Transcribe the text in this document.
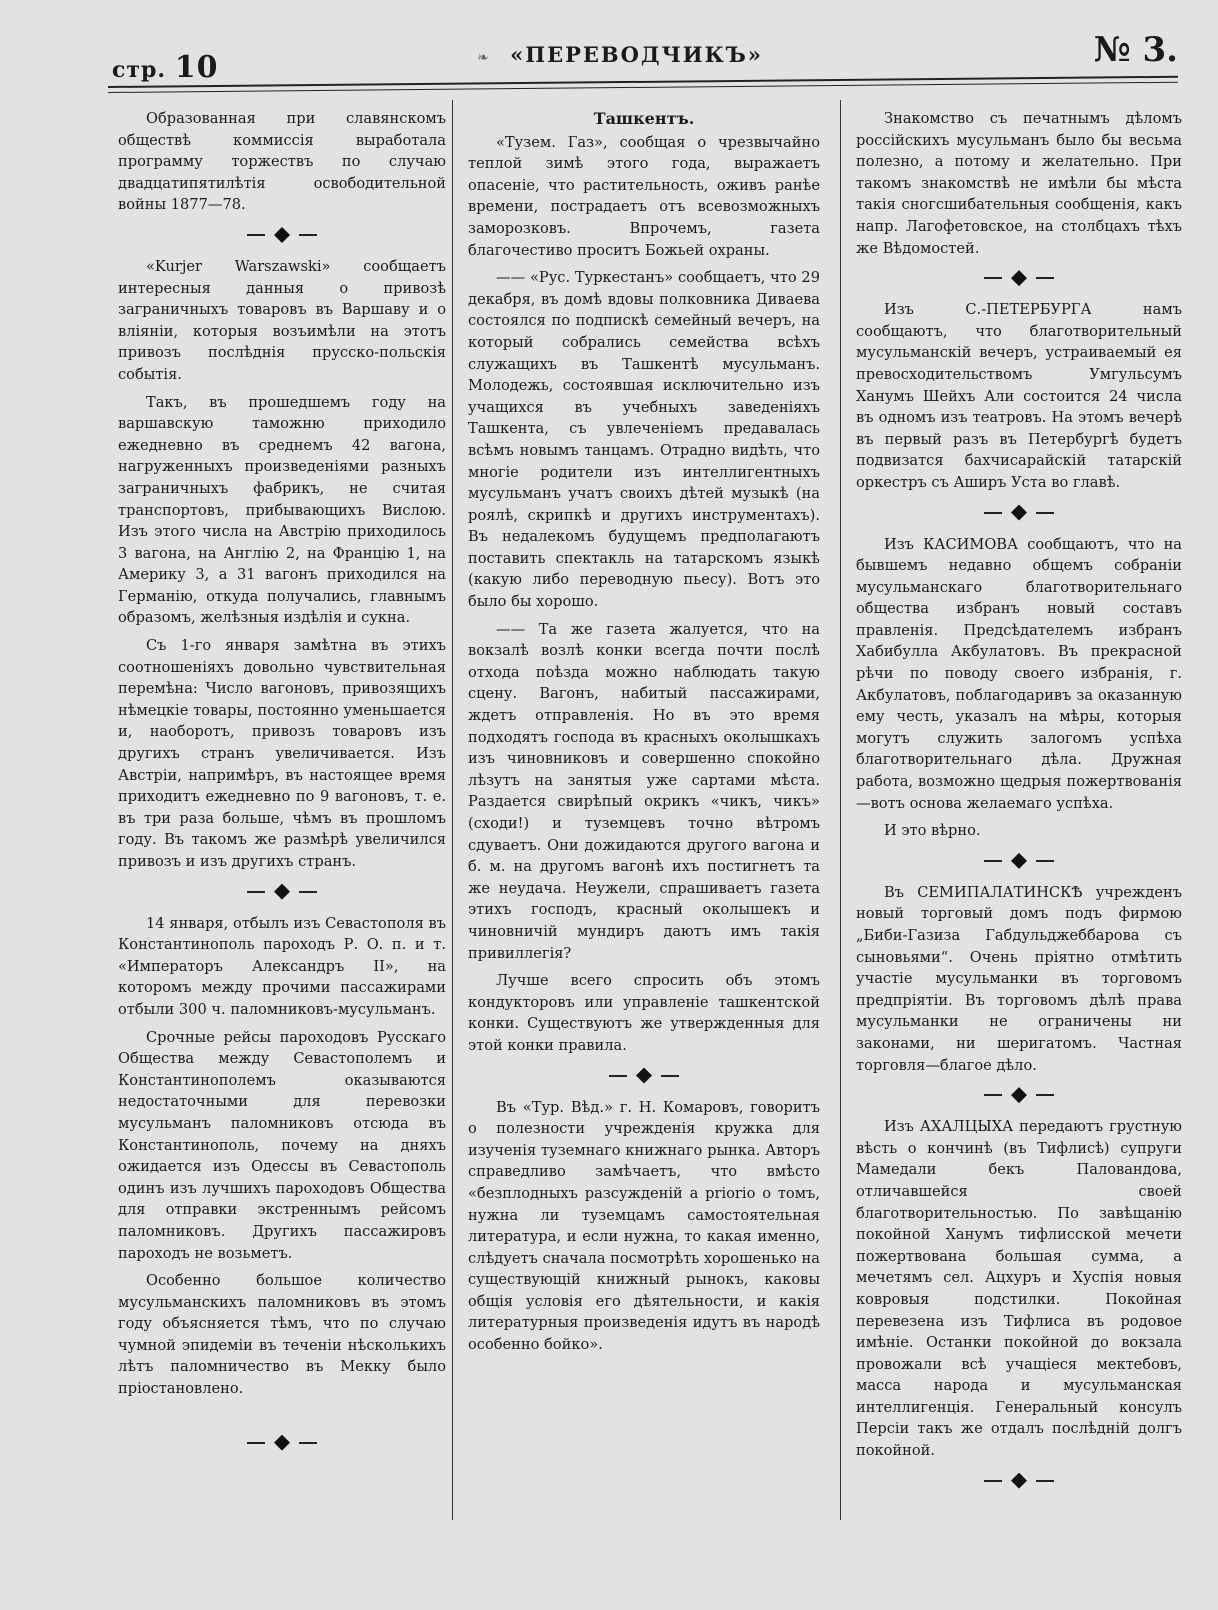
стр. 10	❧ «ПЕРЕВОДЧИКЪ»	№ 3.

Образованная при славянскомъ обществѣ коммиссія выработала программу торжествъ по случаю двадцатипятилѣтія освободительной войны 1877—78.

«Kurjer Warszawski» сообщаетъ интересныя данныя о привозѣ заграничныхъ товаровъ въ Варшаву и о вліяніи, которыя возъимѣли на этотъ привозъ послѣднія прусско-польскія событія.

Такъ, въ прошедшемъ году на варшавскую таможню приходило ежедневно въ среднемъ 42 вагона, нагруженныхъ произведеніями разныхъ заграничныхъ фабрикъ, не считая транспортовъ, прибывающихъ Вислою. Изъ этого числа на Австрію приходилось 3 вагона, на Англію 2, на Францію 1, на Америку 3, а 31 вагонъ приходился на Германію, откуда получались, главнымъ образомъ, желѣзныя издѣлія и сукна.

Съ 1-го января замѣтна въ этихъ соотношеніяхъ довольно чувствительная перемѣна: Число вагоновъ, привозящихъ нѣмецкіе товары, постоянно уменьшается и, наоборотъ, привозъ товаровъ изъ другихъ странъ увеличивается. Изъ Австріи, напримѣръ, въ настоящее время приходитъ ежедневно по 9 вагоновъ, т. е. въ три раза больше, чѣмъ въ прошломъ году. Въ такомъ же размѣрѣ увеличился привозъ и изъ другихъ странъ.

14 января, отбылъ изъ Севастополя въ Константинополь пароходъ Р. О. п. и т. «Императоръ Александръ II», на которомъ между прочими пассажирами отбыли 300 ч. паломниковъ-мусульманъ.

Срочные рейсы пароходовъ Русскаго Общества между Севастополемъ и Константинополемъ оказываются недостаточными для перевозки мусульманъ паломниковъ отсюда въ Константинополь, почему на дняхъ ожидается изъ Одессы въ Севастополь одинъ изъ лучшихъ пароходовъ Общества для отправки экстреннымъ рейсомъ паломниковъ. Другихъ пассажировъ пароходъ не возьметъ.

Особенно большое количество мусульманскихъ паломниковъ въ этомъ году объясняется тѣмъ, что по случаю чумной эпидеміи въ теченіи нѣсколькихъ лѣтъ паломничество въ Мекку было пріостановлено.

Ташкентъ.

«Тузем. Газ», сообщая о чрезвычайно теплой зимѣ этого года, выражаетъ опасеніе, что растительность, оживъ ранѣе времени, пострадаетъ отъ всевозможныхъ заморозковъ. Впрочемъ, газета благочестиво проситъ Божьей охраны.

—— «Рус. Туркестанъ» сообщаетъ, что 29 декабря, въ домѣ вдовы полковника Диваева состоялся по подпискѣ семейный вечеръ, на который собрались семейства всѣхъ служащихъ въ Ташкентѣ мусульманъ. Молодежь, состоявшая исключительно изъ учащихся въ учебныхъ заведеніяхъ Ташкента, съ увлеченіемъ предавалась всѣмъ новымъ танцамъ. Отрадно видѣть, что многіе родители изъ интеллигентныхъ мусульманъ учатъ своихъ дѣтей музыкѣ (на роялѣ, скрипкѣ и другихъ инструментахъ). Въ недалекомъ будущемъ предполагаютъ поставить спектакль на татарскомъ языкѣ (какую либо переводную пьесу). Вотъ это было бы хорошо.

—— Та же газета жалуется, что на вокзалѣ возлѣ конки всегда почти послѣ отхода поѣзда можно наблюдать такую сцену. Вагонъ, набитый пассажирами, ждетъ отправленія. Но въ это время подходятъ господа въ красныхъ околышкахъ изъ чиновниковъ и совершенно спокойно лѣзутъ на занятыя уже сартами мѣста. Раздается свирѣпый окрикъ «чикъ, чикъ» (сходи!) и туземцевъ точно вѣтромъ сдуваетъ. Они дожидаются другого вагона и б. м. на другомъ вагонѣ ихъ постигнетъ та же неудача. Неужели, спрашиваетъ газета этихъ господъ, красный околышекъ и чиновничій мундиръ даютъ имъ такія привиллегія?

Лучше всего спросить объ этомъ кондукторовъ или управленіе ташкентской конки. Существуютъ же утвержденныя для этой конки правила.

Въ «Тур. Вѣд.» г. Н. Комаровъ, говоритъ о полезности учрежденія кружка для изученія туземнаго книжнаго рынка. Авторъ справедливо замѣчаетъ, что вмѣсто «безплодныхъ разсужденій a priorio о томъ, нужна ли туземцамъ самостоятельная литература, и если нужна, то какая именно, слѣдуетъ сначала посмотрѣть хорошенько на существующій книжный рынокъ, каковы общія условія его дѣятельности, и какія литературныя произведенія идутъ въ народѣ особенно бойко».

Знакомство съ печатнымъ дѣломъ россійскихъ мусульманъ было бы весьма полезно, а потому и желательно. При такомъ знакомствѣ не имѣли бы мѣста такія сногсшибательныя сообщенія, какъ напр. Лагофетовское, на столбцахъ тѣхъ же Вѣдомостей.

Изъ С.-ПЕТЕРБУРГА намъ сообщаютъ, что благотворительный мусульманскій вечеръ, устраиваемый ея превосходительствомъ Умгульсумъ Ханумъ Шейхъ Али состоится 24 числа въ одномъ изъ театровъ. На этомъ вечерѣ въ первый разъ въ Петербургѣ будетъ подвизатся бахчисарайскій татарскій оркестръ съ Аширъ Уста во главѣ.

Изъ КАСИМОВА сообщаютъ, что на бывшемъ недавно общемъ собраніи мусульманскаго благотворительнаго общества избранъ новый составъ правленія. Предсѣдателемъ избранъ Хабибулла Акбулатовъ. Въ прекрасной рѣчи по поводу своего избранія, г. Акбулатовъ, поблагодаривъ за оказанную ему честь, указалъ на мѣры, которыя могутъ служить залогомъ успѣха благотворительнаго дѣла. Дружная работа, возможно щедрыя пожертвованія—вотъ основа желаемаго успѣха.

И это вѣрно.

Въ СЕМИПАЛАТИНСКѢ учрежденъ новый торговый домъ подъ фирмою „Биби-Газиза Габдульджеббарова съ сыновьями“. Очень пріятно отмѣтить участіе мусульманки въ торговомъ предпріятіи. Въ торговомъ дѣлѣ права мусульманки не ограничены ни законами, ни шеригатомъ. Частная торговля—благое дѣло.

Изъ АХАЛЦЫХА передаютъ грустную вѣсть о кончинѣ (въ Тифлисѣ) супруги Мамедали бекъ Паловандова, отличавшейся своей благотворительностью. По завѣщанію покойной Ханумъ тифлисской мечети пожертвована большая сумма, а мечетямъ сел. Ацхуръ и Хуспія новыя ковровыя подстилки. Покойная перевезена изъ Тифлиса въ родовое имѣніе. Останки покойной до вокзала провожали всѣ учащіеся мектебовъ, масса народа и мусульманская интеллигенція. Генеральный консулъ Персіи такъ же отдалъ послѣдній долгъ покойной.
